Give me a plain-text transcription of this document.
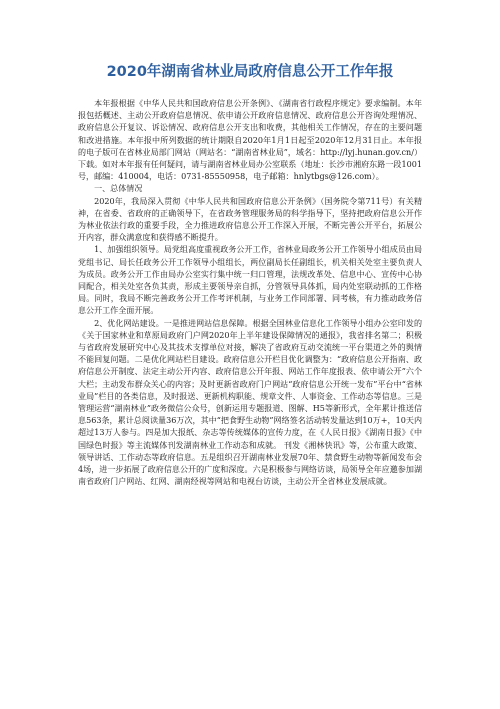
2020年湖南省林业局政府信息公开工作年报

本年报根据《中华人民共和国政府信息公开条例》、《湖南省行政程序规定》要求编制。本年报包括概述、主动公开政府信息情况、依申请公开政府信息情况、政府信息公开咨询处理情况、政府信息公开复议、诉讼情况、政府信息公开支出和收费，其他相关工作情况，存在的主要问题和改进措施。本年报中所列数据的统计期限自2020年1月1日起至2020年12月31日止。本年报的电子版可在省林业局部门网站（网站名：“湖南省林业局”，域名：http://lyj.hunan.gov.cn/）下载。如对本年报有任何疑问，请与湖南省林业局办公室联系（地址：长沙市湘府东路一段1001号，邮编：410004，电话：0731-85550958，电子邮箱：hnlytbgs@126.com）。

一、总体情况

2020年，我局深入贯彻《中华人民共和国政府信息公开条例》（国务院令第711号）有关精神，在省委、省政府的正确领导下，在省政务管理服务局的科学指导下，坚持把政府信息公开作为林业依法行政的重要手段，全力推进政府信息公开工作深入开展，不断完善公开平台，拓展公开内容，群众满意度和获得感不断提升。

1、加强组织领导。局党组高度重视政务公开工作，省林业局政务公开工作领导小组成员由局党组书记、局长任政务公开工作领导小组组长，两位副局长任副组长，机关相关处室主要负责人为成员。政务公开工作由局办公室实行集中统一归口管理，法规改革处、信息中心、宣传中心协同配合，相关处室各负其责，形成主要领导亲自抓，分管领导具体抓，局内处室联动抓的工作格局。同时，我局不断完善政务公开工作考评机制，与业务工作同部署、同考核，有力推动政务信息公开工作全面开展。

2、优化网站建设。一是推进网站信息保障。根据全国林业信息化工作领导小组办公室印发的《关于国家林业和草原局政府门户网2020年上半年建设保障情况的通报》，我省排名第二；积极与省政府发展研究中心及其技术支撑单位对接，解决了省政府互动交流统一平台渠道之外的舆情不能回复问题。二是优化网站栏目建设。政府信息公开栏目优化调整为：“政府信息公开指南、政府信息公开制度、法定主动公开内容、政府信息公开年报、网站工作年度报表、依申请公开”六个大栏；主动发布群众关心的内容；及时更新省政府门户网站“政府信息公开统一发布”平台中“省林业局”栏目的各类信息，及时报送、更新机构职能、规章文件、人事资金、工作动态等信息。三是管理运营“湖南林业”政务微信公众号，创新运用专题报道、图解、H5等新形式，全年累计推送信息563条，累计总阅读量36万次，其中“把食野生动物”网络签名活动转发量达到10万+，10天内超过13万人参与。四是加大报纸、杂志等传统媒体的宣传力度，在《人民日报》《湖南日报》《中国绿色时报》等主流媒体刊发湖南林业工作动态和成就。 刊发《湘林快讯》等，公布重大政策、领导讲话、工作动态等政府信息。五是组织召开湖南林业发展70年、禁食野生动物等新闻发布会4场，进一步拓展了政府信息公开的广度和深度。六是积极参与网络访谈，局领导全年应邀参加湖南省政府门户网站、红网、湖南经视等网站和电视台访谈，主动公开全省林业发展成就。
